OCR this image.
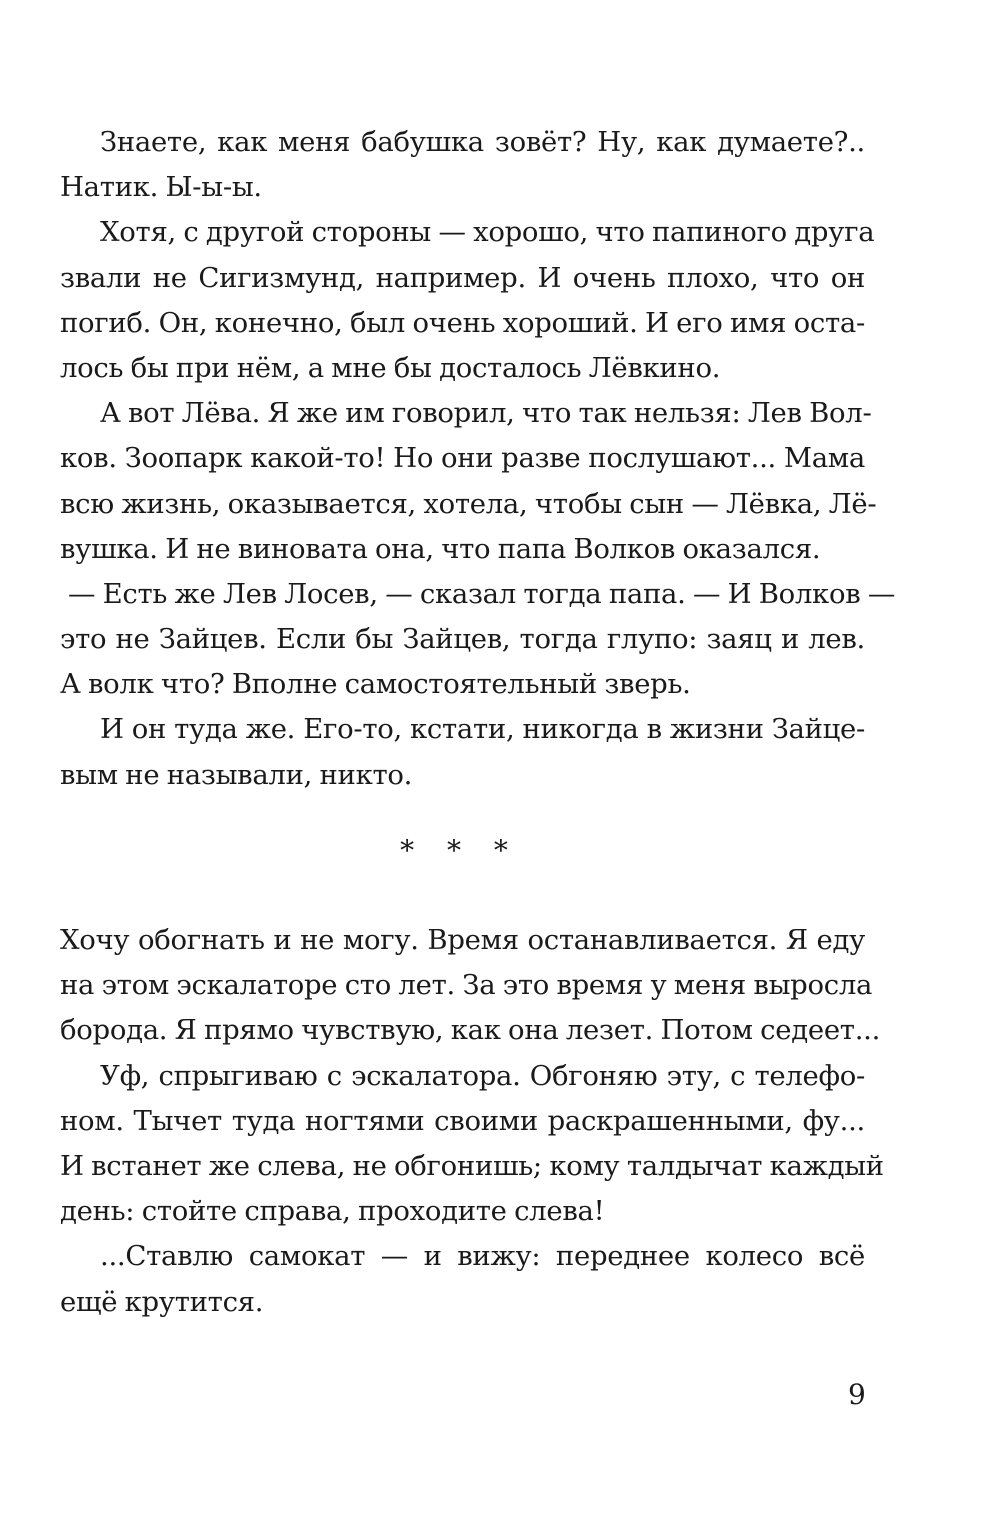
Знаете, как меня бабушка зовёт? Ну, как думаете?..
Натик. Ы-ы-ы.
Хотя, с другой стороны — хорошо, что папиного друга
звали не Сигизмунд, например. И очень плохо, что он
погиб. Он, конечно, был очень хороший. И его имя оста-
лось бы при нём, а мне бы досталось Лёвкино.
А вот Лёва. Я же им говорил, что так нельзя: Лев Вол-
ков. Зоопарк какой-то! Но они разве послушают... Мама
всю жизнь, оказывается, хотела, чтобы сын — Лёвка, Лё-
вушка. И не виновата она, что папа Волков оказался.
— Есть же Лев Лосев, — сказал тогда папа. — И Волков —
это не Зайцев. Если бы Зайцев, тогда глупо: заяц и лев.
А волк что? Вполне самостоятельный зверь.
И он туда же. Его-то, кстати, никогда в жизни Зайце-
вым не называли, никто.
* * *
Хочу обогнать и не могу. Время останавливается. Я еду
на этом эскалаторе сто лет. За это время у меня выросла
борода. Я прямо чувствую, как она лезет. Потом седеет...
Уф, спрыгиваю с эскалатора. Обгоняю эту, с телефо-
ном. Тычет туда ногтями своими раскрашенными, фу...
И встанет же слева, не обгонишь; кому талдычат каждый
день: стойте справа, проходите слева!
...Ставлю самокат — и вижу: переднее колесо всё
ещё крутится.
9
